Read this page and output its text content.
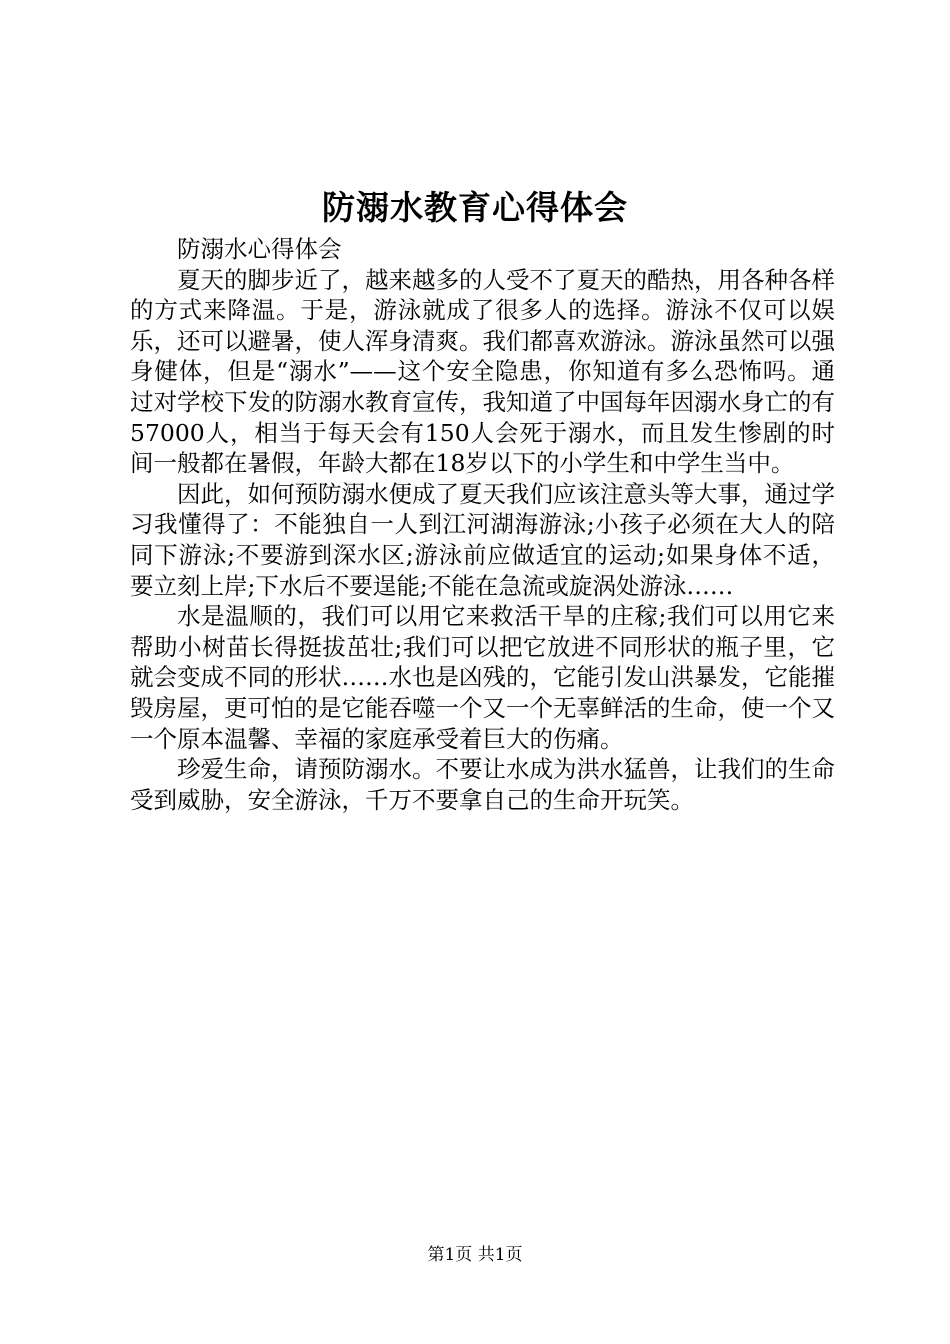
防溺水教育心得体会

防溺水心得体会

夏天的脚步近了，越来越多的人受不了夏天的酷热，用各种各样的方式来降温。于是，游泳就成了很多人的选择。游泳不仅可以娱乐，还可以避暑，使人浑身清爽。我们都喜欢游泳。游泳虽然可以强身健体，但是“溺水”——这个安全隐患，你知道有多么恐怖吗。通过对学校下发的防溺水教育宣传，我知道了中国每年因溺水身亡的有57000人，相当于每天会有150人会死于溺水，而且发生惨剧的时间一般都在暑假，年龄大都在18岁以下的小学生和中学生当中。

因此，如何预防溺水便成了夏天我们应该注意头等大事，通过学习我懂得了：不能独自一人到江河湖海游泳;小孩子必须在大人的陪同下游泳;不要游到深水区;游泳前应做适宜的运动;如果身体不适，要立刻上岸;下水后不要逞能;不能在急流或旋涡处游泳……

水是温顺的，我们可以用它来救活干旱的庄稼;我们可以用它来帮助小树苗长得挺拔茁壮;我们可以把它放进不同形状的瓶子里，它就会变成不同的形状……水也是凶残的，它能引发山洪暴发，它能摧毁房屋，更可怕的是它能吞噬一个又一个无辜鲜活的生命，使一个又一个原本温馨、幸福的家庭承受着巨大的伤痛。

珍爱生命，请预防溺水。不要让水成为洪水猛兽，让我们的生命受到威胁，安全游泳，千万不要拿自己的生命开玩笑。

第1页 共1页
